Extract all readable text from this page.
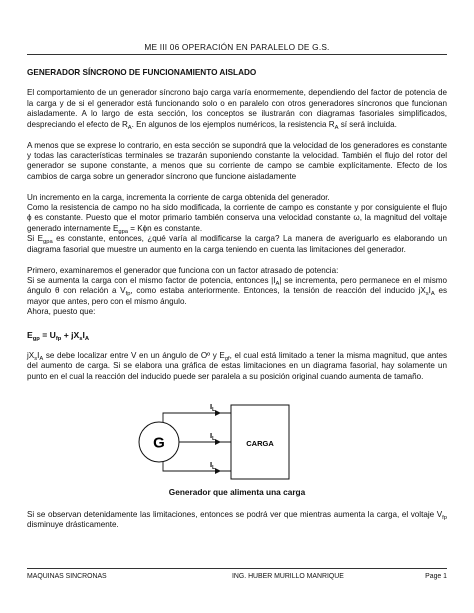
ME III 06 OPERACIÓN EN PARALELO DE G.S.
GENERADOR SÍNCRONO DE FUNCIONAMIENTO AISLADO

El comportamiento de un generador síncrono bajo carga varía enormemente, dependiendo del factor de potencia de la carga y de si el generador está funcionando solo o en paralelo con otros generadores síncronos que funcionan aisladamente. A lo largo de esta sección, los conceptos se ilustrarán con diagramas fasoriales simplificados, despreciando el efecto de $R_A$. En algunos de los ejemplos numéricos, la resistencia $R_A$ sí será incluida.

A menos que se exprese lo contrario, en esta sección se supondrá que la velocidad de los generadores es constante y todas las características terminales se trazarán suponiendo constante la velocidad. También el flujo del rotor del generador se supone constante, a menos que su corriente de campo se cambie explícitamente. Efecto de los cambios de carga sobre un generador síncrono que funcione aisladamente

Un incremento en la carga, incrementa la corriente de carga obtenida del generador.
Como la resistencia de campo no ha sido modificada, la corriente de campo es constante y por consiguiente el flujo ϕ es constante. Puesto que el motor primario también conserva una velocidad constante ω, la magnitud del voltaje generado internamente $E_{gpa} = K\phi n$ es constante.
Si $E_{gpa}$ es constante, entonces, ¿qué varía al modificarse la carga? La manera de averiguarlo es elaborando un diagrama fasorial que muestre un aumento en la carga teniendo en cuenta las limitaciones del generador.

Primero, examinaremos el generador que funciona con un factor atrasado de potencia:
Si se aumenta la carga con el mismo factor de potencia, entonces $|I_A|$ se incrementa, pero permanece en el mismo ángulo θ con relación a $V_{fp}$, como estaba anteriormente. Entonces, la tensión de reacción del inducido $jX_sI_A$ es mayor que antes, pero con el mismo ángulo.
Ahora, puesto que:

$E_{gp} = U_{fp} + jX_sI_A$

$jX_sI_A$ se debe localizar entre V en un ángulo de Oº y $E_{gf}$, el cual está limitado a tener la misma magnitud, que antes del aumento de carga. Si se elabora una gráfica de estas limitaciones en un diagrama fasorial, hay solamente un punto en el cual la reacción del inducido puede ser paralela a su posición original cuando aumenta de tamaño.

G	CARGA
$I_L$
$I_L$
$I_L$
Generador que alimenta una carga

Si se observan detenidamente las limitaciones, entonces se podrá ver que mientras aumenta la carga, el voltaje $V_{fp}$ disminuye drásticamente.

MAQUINAS SINCRONAS	ING. HUBER MURILLO MANRIQUE	Page 1
